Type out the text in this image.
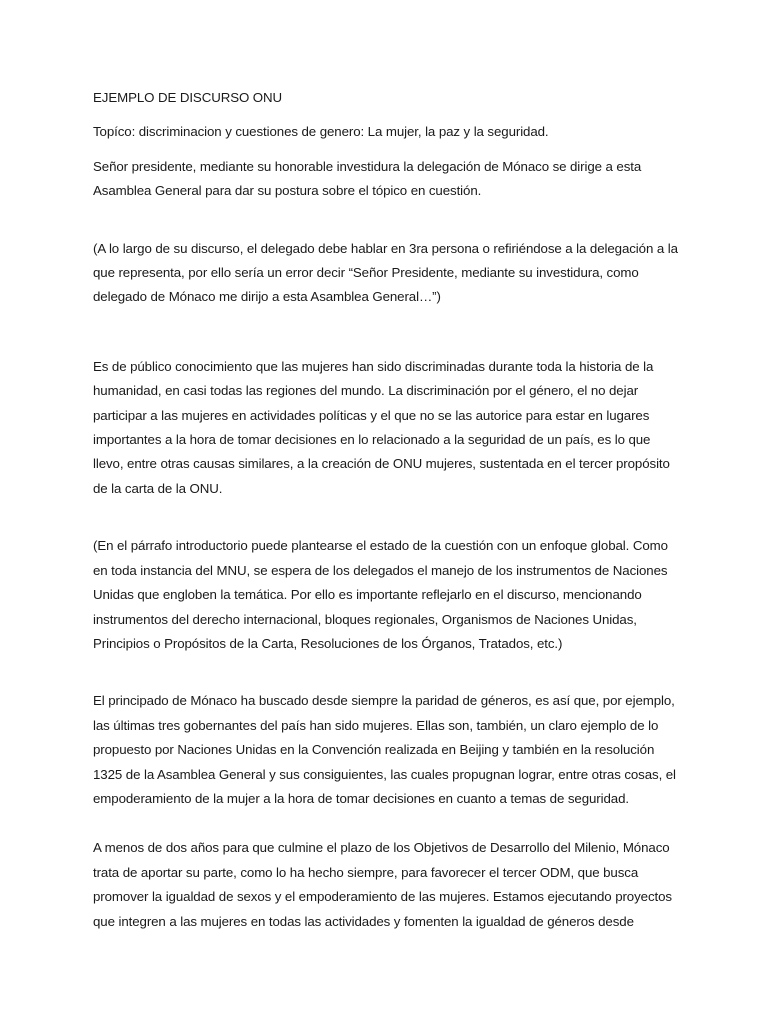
EJEMPLO DE DISCURSO ONU
Topíco: discriminacion y cuestiones de genero: La mujer, la paz y la seguridad.
Señor presidente, mediante su honorable investidura la delegación de Mónaco se dirige a esta
Asamblea General para dar su postura sobre el tópico en cuestión.
(A lo largo de su discurso, el delegado debe hablar en 3ra persona o refiriéndose a la delegación a la
que representa, por ello sería un error decir “Señor Presidente, mediante su investidura, como
delegado de Mónaco me dirijo a esta Asamblea General…”)
Es de público conocimiento que las mujeres han sido discriminadas durante toda la historia de la
humanidad, en casi todas las regiones del mundo. La discriminación por el género, el no dejar
participar a las mujeres en actividades políticas y el que no se las autorice para estar en lugares
importantes a la hora de tomar decisiones en lo relacionado a la seguridad de un país, es lo que
llevo, entre otras causas similares, a la creación de ONU mujeres, sustentada en el tercer propósito
de la carta de la ONU.
(En el párrafo introductorio puede plantearse el estado de la cuestión con un enfoque global. Como
en toda instancia del MNU, se espera de los delegados el manejo de los instrumentos de Naciones
Unidas que engloben la temática. Por ello es importante reflejarlo en el discurso, mencionando
instrumentos del derecho internacional, bloques regionales, Organismos de Naciones Unidas,
Principios o Propósitos de la Carta, Resoluciones de los Órganos, Tratados, etc.)
El principado de Mónaco ha buscado desde siempre la paridad de géneros, es así que, por ejemplo,
las últimas tres gobernantes del país han sido mujeres. Ellas son, también, un claro ejemplo de lo
propuesto por Naciones Unidas en la Convención realizada en Beijing y también en la resolución
1325 de la Asamblea General y sus consiguientes, las cuales propugnan lograr, entre otras cosas, el
empoderamiento de la mujer a la hora de tomar decisiones en cuanto a temas de seguridad.
A menos de dos años para que culmine el plazo de los Objetivos de Desarrollo del Milenio, Mónaco
trata de aportar su parte, como lo ha hecho siempre, para favorecer el tercer ODM, que busca
promover la igualdad de sexos y el empoderamiento de las mujeres. Estamos ejecutando proyectos
que integren a las mujeres en todas las actividades y fomenten la igualdad de géneros desde
